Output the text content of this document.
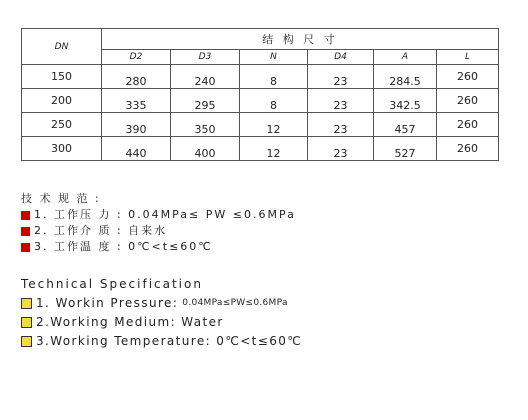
DN	结 构 尺 寸					
	D2	D3	N	D4	A	L
150	280	240	8	23	284.5	260
200	335	295	8	23	342.5	260
250	390	350	12	23	457	260
300	440	400	12	23	527	260
技 术 规 范 :
1. 工作压 力 : 0.04MPa≤ PW ≤0.6MPa
2. 工作介 质 : 自来水
3. 工作温 度 : 0℃<t≤60℃
Technical Specification
1. Workin Pressure: 0.04MPa≤PW≤0.6MPa
2.Working Medium: Water
3.Working Temperature: 0℃<t≤60℃
